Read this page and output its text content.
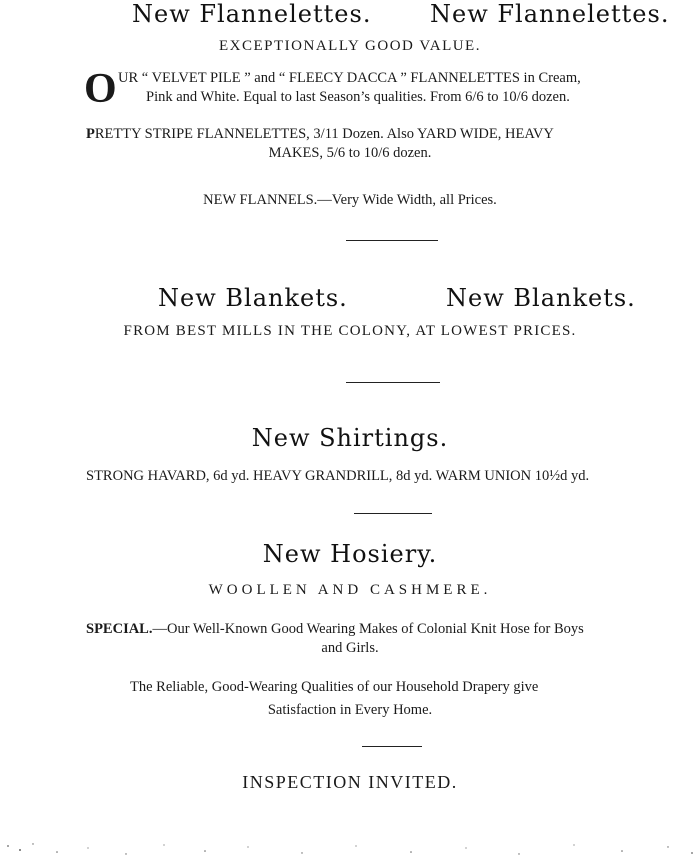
New Flannelettes. New Flannelettes.
EXCEPTIONALLY GOOD VALUE.
O UR “ VELVET PILE ” and “ FLEECY DACCA ” FLANNELETTES in Cream,
Pink and White. Equal to last Season’s qualities. From 6/6 to 10/6 dozen.
PRETTY STRIPE FLANNELETTES, 3/11 Dozen. Also YARD WIDE, HEAVY
MAKES, 5/6 to 10/6 dozen.
NEW FLANNELS.—Very Wide Width, all Prices.
New Blankets.	New Blankets.
FROM BEST MILLS IN THE COLONY, AT LOWEST PRICES.
New Shirtings.
STRONG HAVARD, 6d yd. HEAVY GRANDRILL, 8d yd. WARM UNION 10½d yd.
New Hosiery.
WOOLLEN AND CASHMERE.
SPECIAL.—Our Well-Known Good Wearing Makes of Colonial Knit Hose for Boys
and Girls.
The Reliable, Good-Wearing Qualities of our Household Drapery give
Satisfaction in Every Home.
INSPECTION INVITED.
